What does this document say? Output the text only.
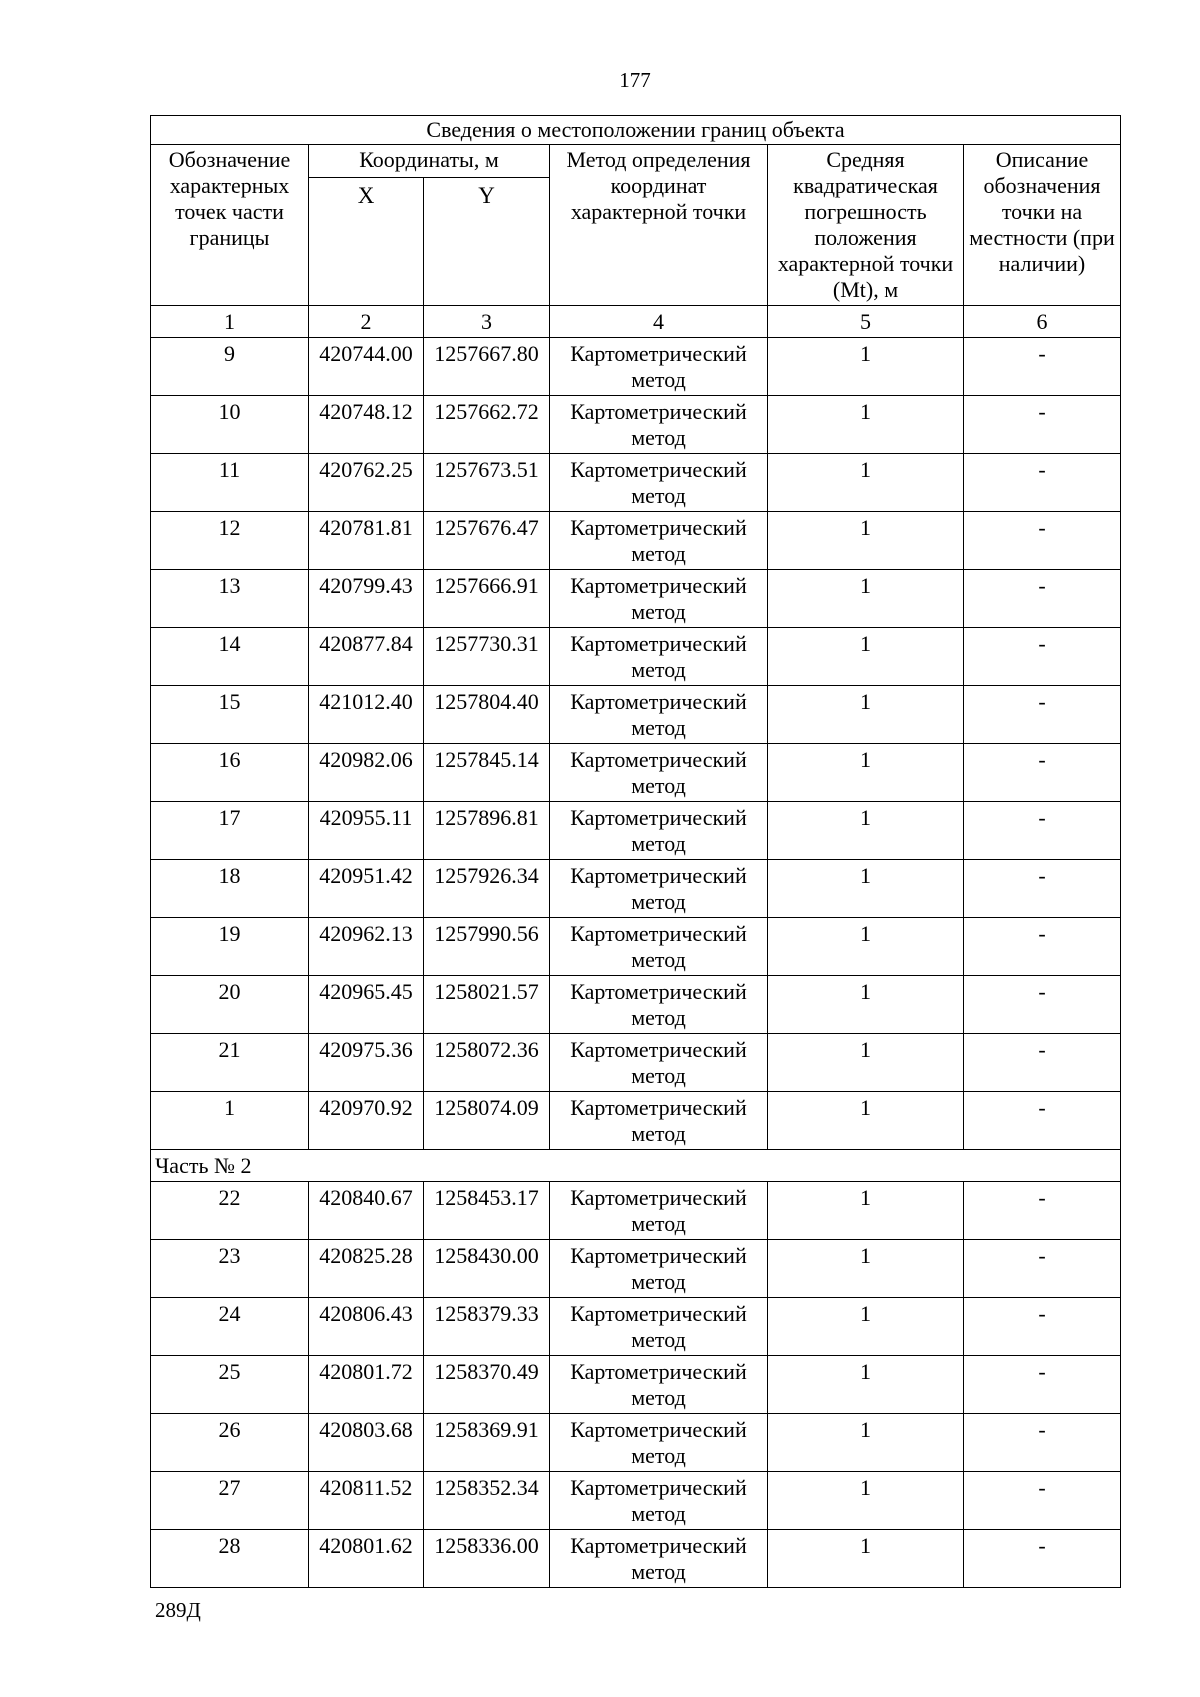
177
Сведения о местоположении границ объекта					
Обозначение характерных точек части границы	Координаты, м		Метод определения координат характерной точки	Средняя квадратическая погрешность положения характерной точки (Mt), м	Описание обозначения точки на местности (при наличии)
	X	Y			
1	2	3	4	5	6
9	420744.00	1257667.80	Картометрический метод	1	-
10	420748.12	1257662.72	Картометрический метод	1	-
11	420762.25	1257673.51	Картометрический метод	1	-
12	420781.81	1257676.47	Картометрический метод	1	-
13	420799.43	1257666.91	Картометрический метод	1	-
14	420877.84	1257730.31	Картометрический метод	1	-
15	421012.40	1257804.40	Картометрический метод	1	-
16	420982.06	1257845.14	Картометрический метод	1	-
17	420955.11	1257896.81	Картометрический метод	1	-
18	420951.42	1257926.34	Картометрический метод	1	-
19	420962.13	1257990.56	Картометрический метод	1	-
20	420965.45	1258021.57	Картометрический метод	1	-
21	420975.36	1258072.36	Картометрический метод	1	-
1	420970.92	1258074.09	Картометрический метод	1	-
Часть № 2					
22	420840.67	1258453.17	Картометрический метод	1	-
23	420825.28	1258430.00	Картометрический метод	1	-
24	420806.43	1258379.33	Картометрический метод	1	-
25	420801.72	1258370.49	Картометрический метод	1	-
26	420803.68	1258369.91	Картометрический метод	1	-
27	420811.52	1258352.34	Картометрический метод	1	-
28	420801.62	1258336.00	Картометрический метод	1	-
289Д
